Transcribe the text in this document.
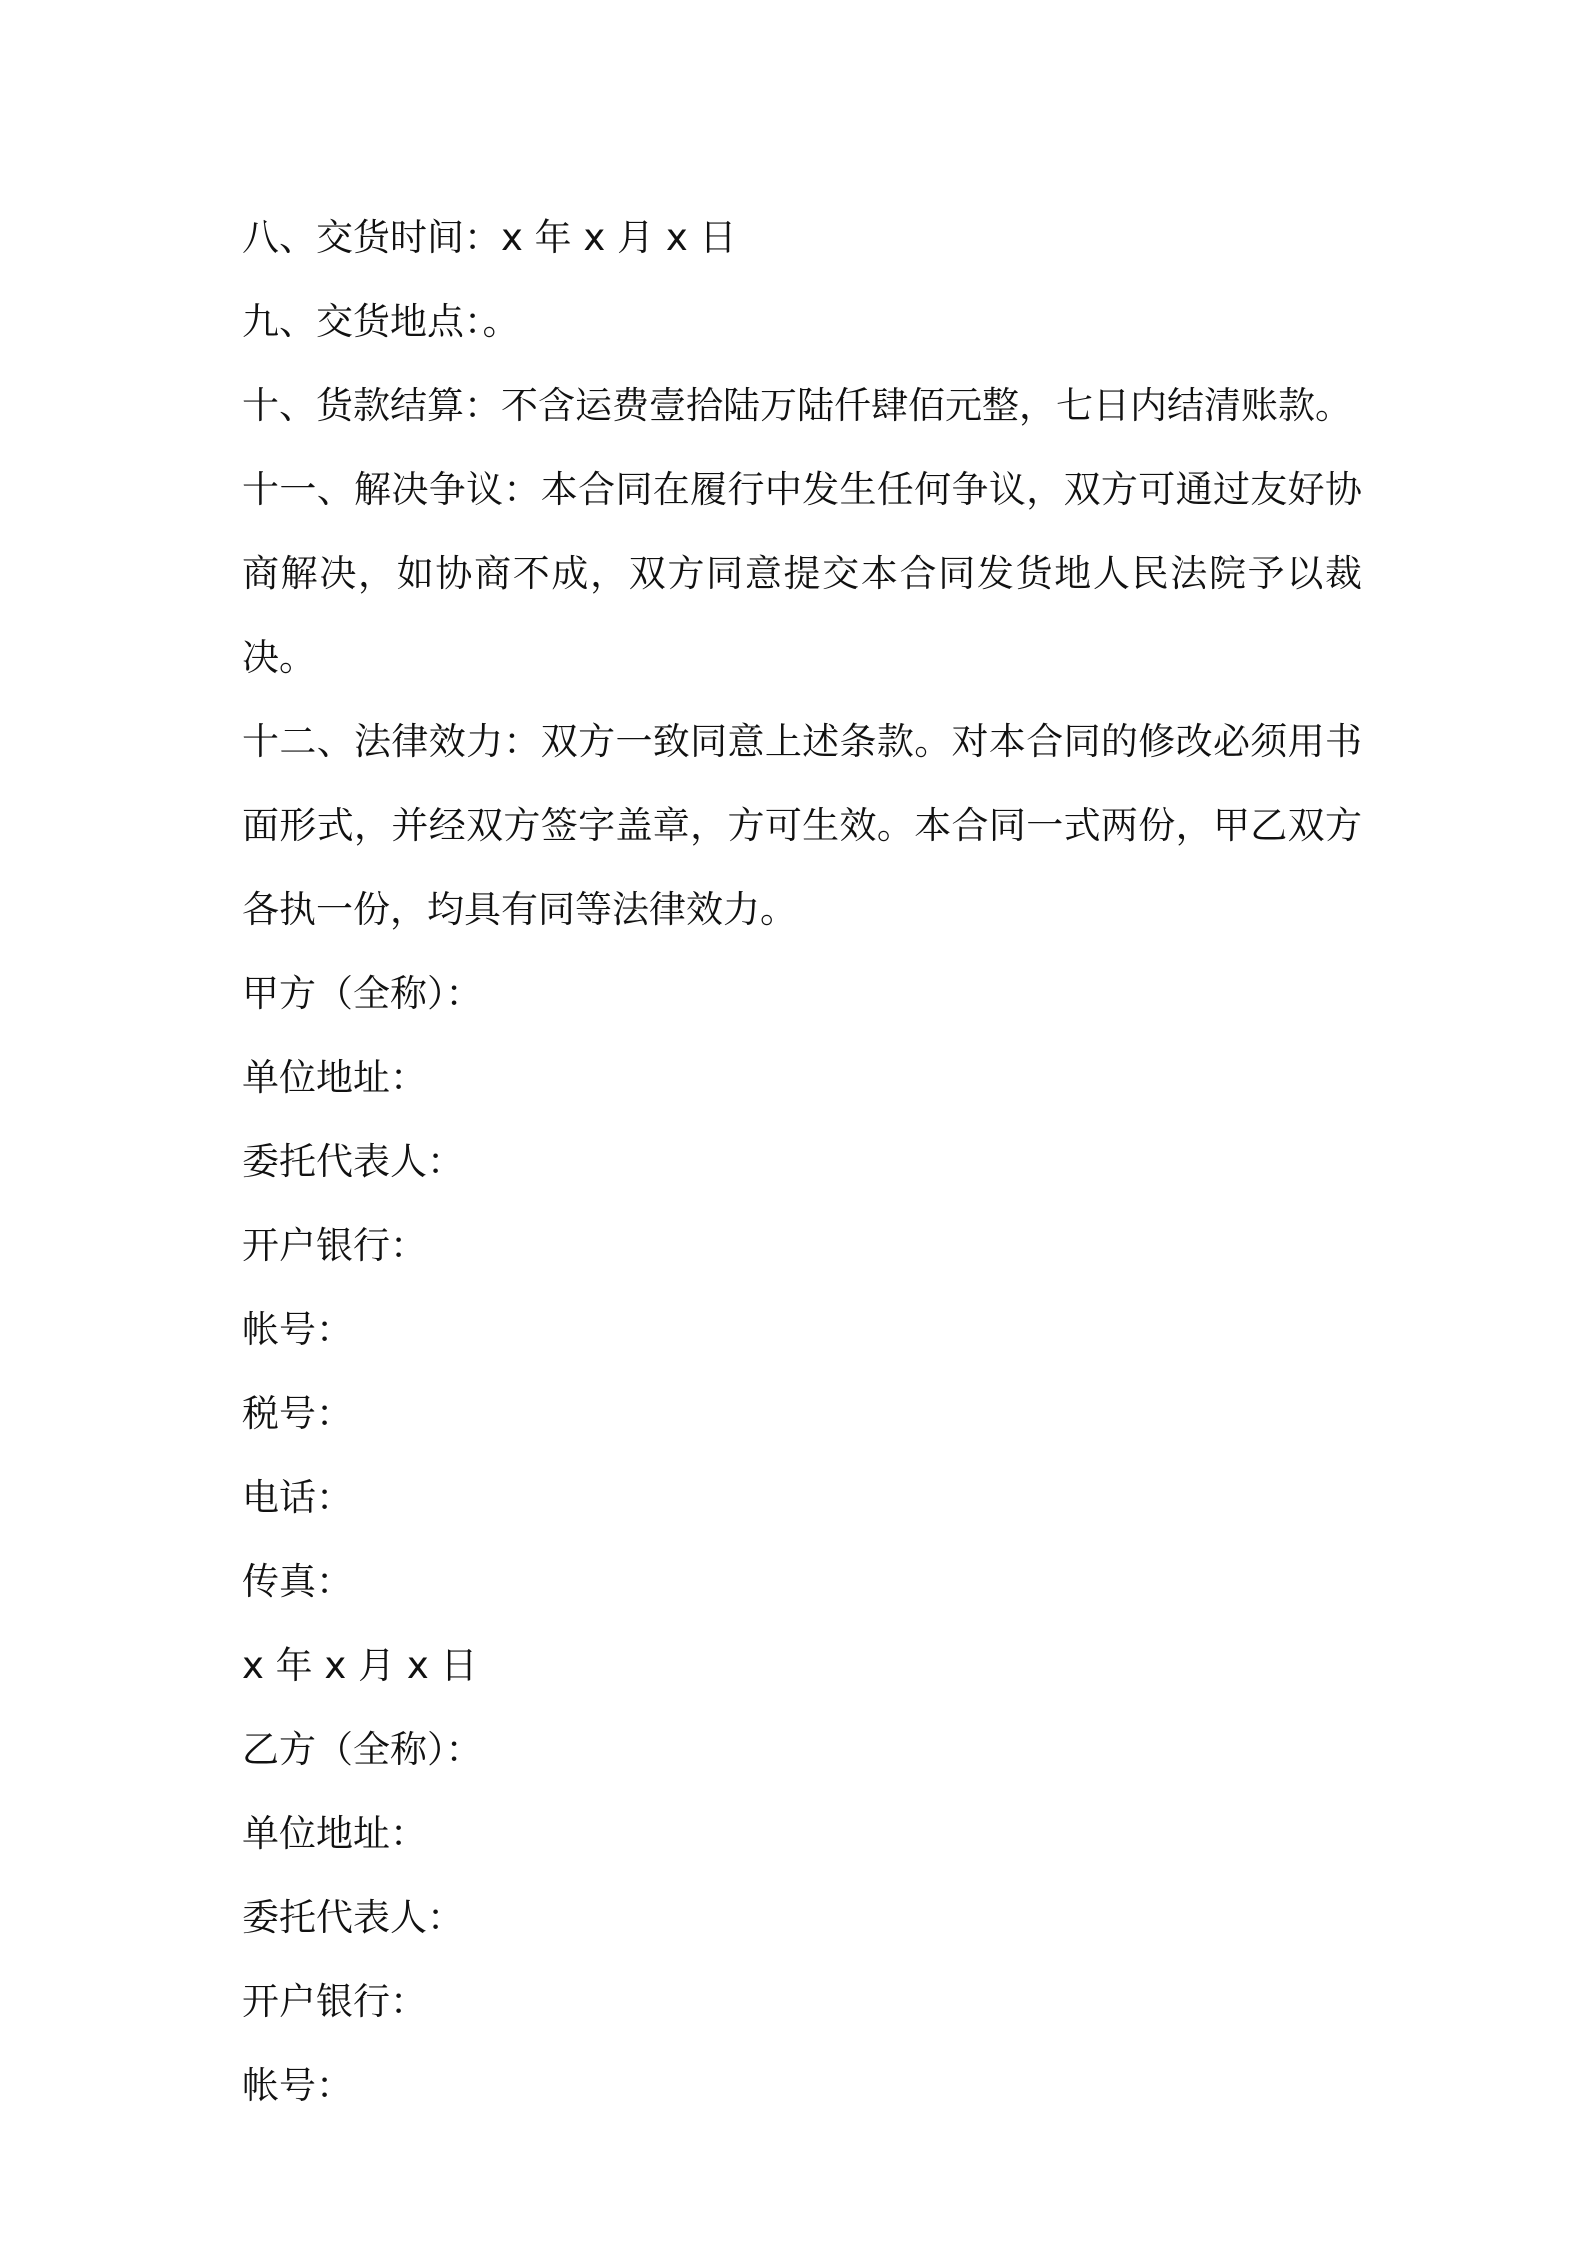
八、交货时间：x 年 x 月 x 日

九、交货地点：。

十、货款结算：不含运费壹拾陆万陆仟肆佰元整，七日内结清账款。

十一、解决争议：本合同在履行中发生任何争议，双方可通过友好协商解决，如协商不成，双方同意提交本合同发货地人民法院予以裁决。

十二、法律效力：双方一致同意上述条款。对本合同的修改必须用书面形式，并经双方签字盖章，方可生效。本合同一式两份，甲乙双方各执一份，均具有同等法律效力。

甲方（全称）：

单位地址：

委托代表人：

开户银行：

帐号：

税号：

电话：

传真：

x 年 x 月 x 日

乙方（全称）：

单位地址：

委托代表人：

开户银行：

帐号：
